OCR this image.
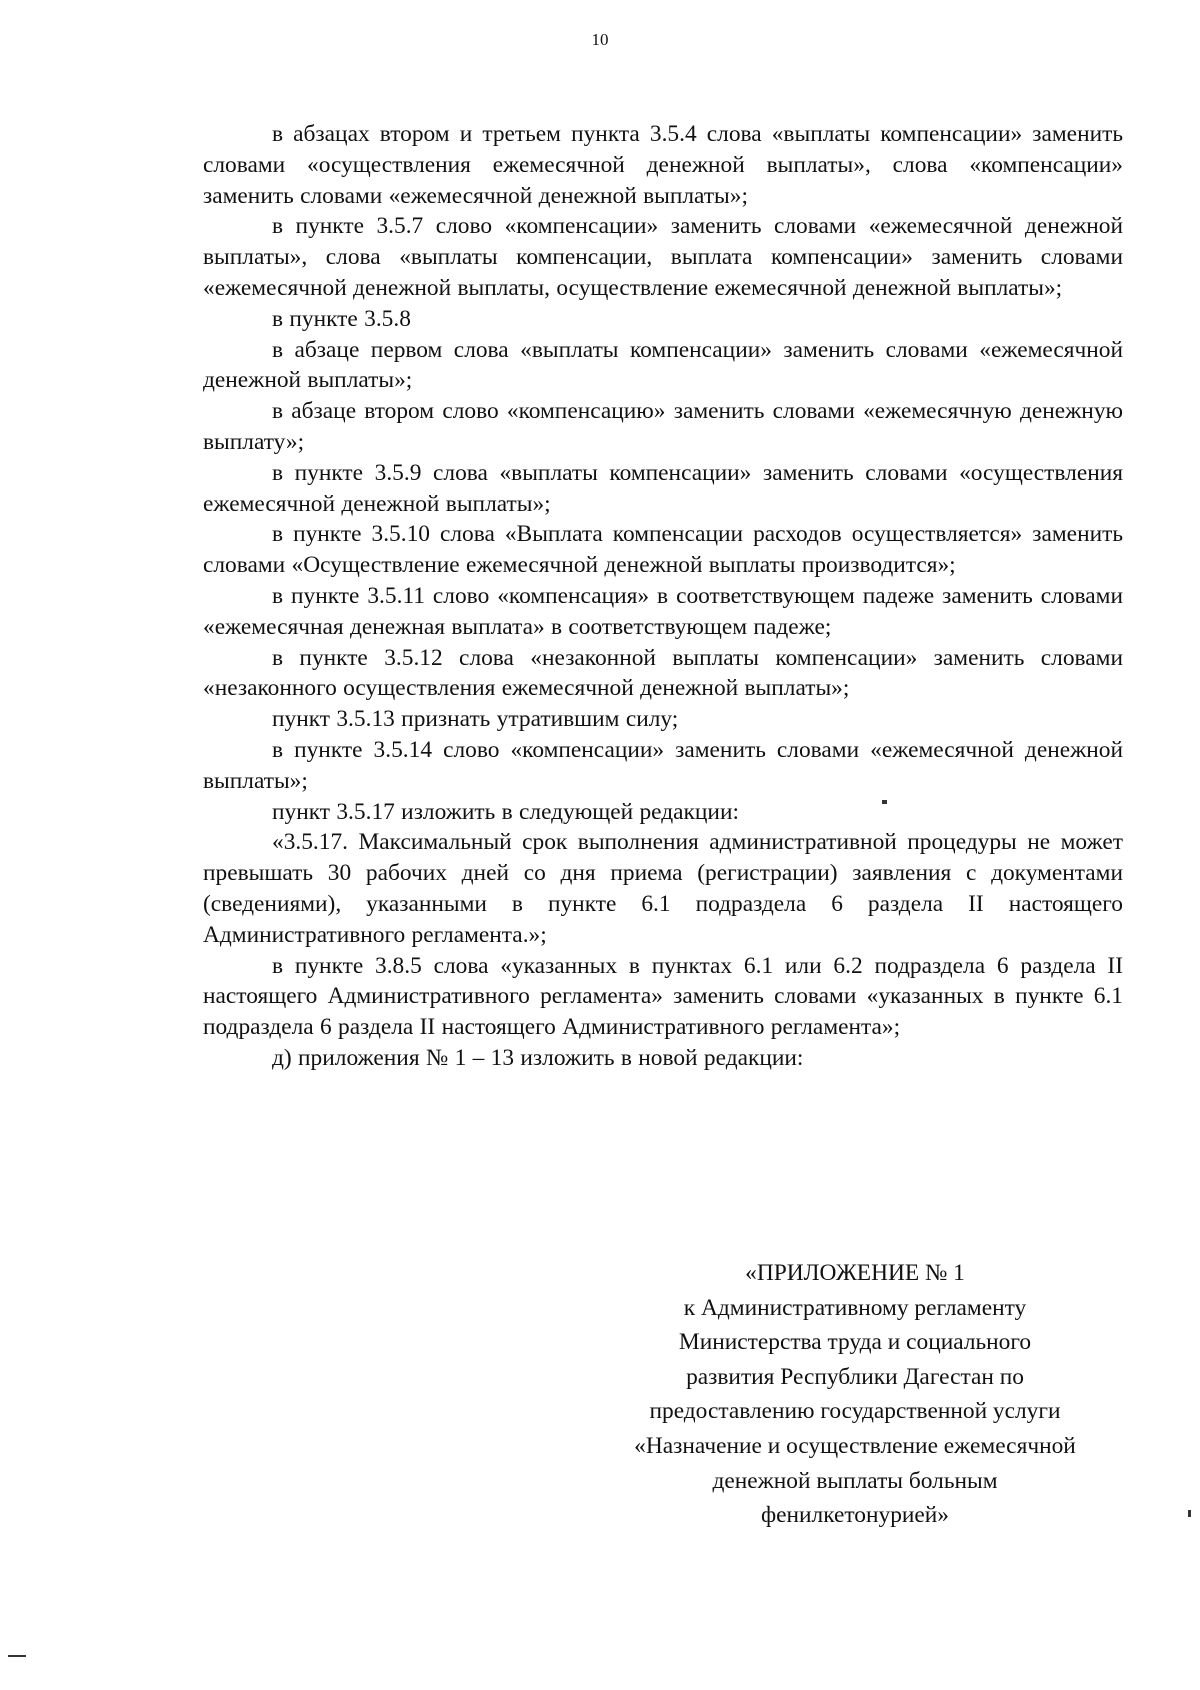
10

в абзацах втором и третьем пункта 3.5.4 слова «выплаты компенсации» заменить словами «осуществления ежемесячной денежной выплаты», слова «компенсации» заменить словами «ежемесячной денежной выплаты»;

в пункте 3.5.7 слово «компенсации» заменить словами «ежемесячной денежной выплаты», слова «выплаты компенсации, выплата компенсации» заменить словами «ежемесячной денежной выплаты, осуществление ежемесячной денежной выплаты»;

в пункте 3.5.8

в абзаце первом слова «выплаты компенсации» заменить словами «ежемесячной денежной выплаты»;

в абзаце втором слово «компенсацию» заменить словами «ежемесячную денежную выплату»;

в пункте 3.5.9 слова «выплаты компенсации» заменить словами «осуществления ежемесячной денежной выплаты»;

в пункте 3.5.10 слова «Выплата компенсации расходов осуществляется» заменить словами «Осуществление ежемесячной денежной выплаты производится»;

в пункте 3.5.11 слово «компенсация» в соответствующем падеже заменить словами «ежемесячная денежная выплата» в соответствующем падеже;

в пункте 3.5.12 слова «незаконной выплаты компенсации» заменить словами «незаконного осуществления ежемесячной денежной выплаты»;

пункт 3.5.13 признать утратившим силу;

в пункте 3.5.14 слово «компенсации» заменить словами «ежемесячной денежной выплаты»;

пункт 3.5.17 изложить в следующей редакции:

«3.5.17. Максимальный срок выполнения административной процедуры не может превышать 30 рабочих дней со дня приема (регистрации) заявления с документами (сведениями), указанными в пункте 6.1 подраздела 6 раздела II настоящего Административного регламента.»;

в пункте 3.8.5 слова «указанных в пунктах 6.1 или 6.2 подраздела 6 раздела II настоящего Административного регламента» заменить словами «указанных в пункте 6.1 подраздела 6 раздела II настоящего Административного регламента»;

д) приложения № 1 – 13 изложить в новой редакции:

«ПРИЛОЖЕНИЕ № 1
к Административному регламенту
Министерства труда и социального
развития Республики Дагестан по
предоставлению государственной услуги
«Назначение и осуществление ежемесячной
денежной выплаты больным
фенилкетонурией»
